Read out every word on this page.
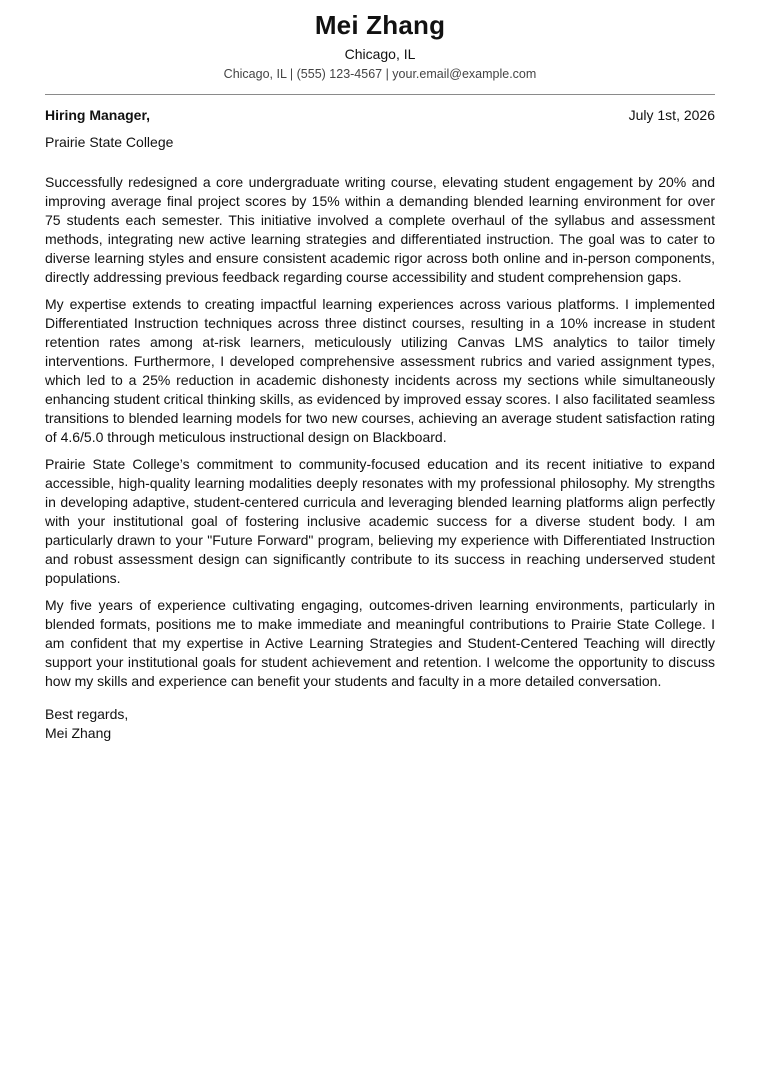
Mei Zhang
Chicago, IL
Chicago, IL | (555) 123-4567 | your.email@example.com
Hiring Manager,	July 1st, 2026
Prairie State College

Successfully redesigned a core undergraduate writing course, elevating student engagement by 20% and improving average final project scores by 15% within a demanding blended learning environment for over 75 students each semester. This initiative involved a complete overhaul of the syllabus and assessment methods, integrating new active learning strategies and differentiated instruction. The goal was to cater to diverse learning styles and ensure consistent academic rigor across both online and in-person components, directly addressing previous feedback regarding course accessibility and student comprehension gaps.

My expertise extends to creating impactful learning experiences across various platforms. I implemented Differentiated Instruction techniques across three distinct courses, resulting in a 10% increase in student retention rates among at-risk learners, meticulously utilizing Canvas LMS analytics to tailor timely interventions. Furthermore, I developed comprehensive assessment rubrics and varied assignment types, which led to a 25% reduction in academic dishonesty incidents across my sections while simultaneously enhancing student critical thinking skills, as evidenced by improved essay scores. I also facilitated seamless transitions to blended learning models for two new courses, achieving an average student satisfaction rating of 4.6/5.0 through meticulous instructional design on Blackboard.

Prairie State College’s commitment to community-focused education and its recent initiative to expand accessible, high-quality learning modalities deeply resonates with my professional philosophy. My strengths in developing adaptive, student-centered curricula and leveraging blended learning platforms align perfectly with your institutional goal of fostering inclusive academic success for a diverse student body. I am particularly drawn to your "Future Forward" program, believing my experience with Differentiated Instruction and robust assessment design can significantly contribute to its success in reaching underserved student populations.

My five years of experience cultivating engaging, outcomes-driven learning environments, particularly in blended formats, positions me to make immediate and meaningful contributions to Prairie State College. I am confident that my expertise in Active Learning Strategies and Student-Centered Teaching will directly support your institutional goals for student achievement and retention. I welcome the opportunity to discuss how my skills and experience can benefit your students and faculty in a more detailed conversation.

Best regards,
Mei Zhang
